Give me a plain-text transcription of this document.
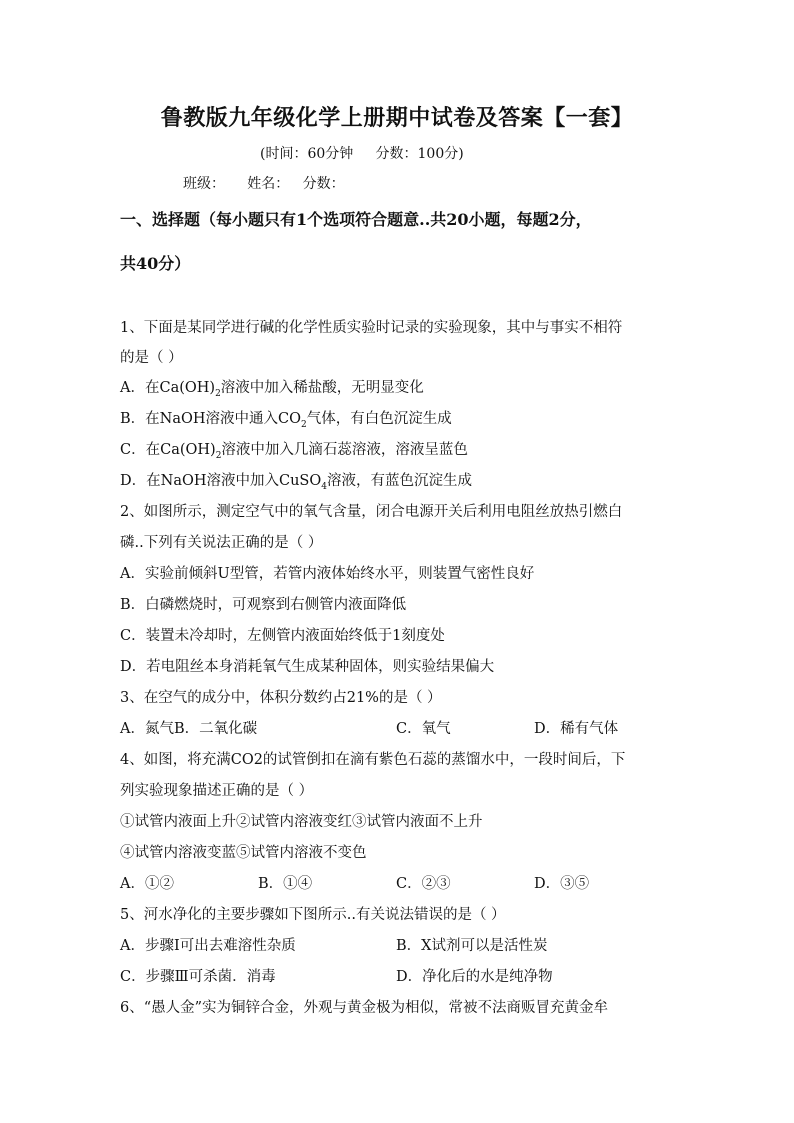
鲁教版九年级化学上册期中试卷及答案【一套】
(时间：60分钟     分数：100分)
班级：     姓名：   分数：
一、选择题（每小题只有1个选项符合题意..共20小题，每题2分，
共40分）
1、下面是某同学进行碱的化学性质实验时记录的实验现象，其中与事实不相符
的是（ ）
A．在$Ca(OH)_2$溶液中加入稀盐酸，无明显变化
B．在NaOH溶液中通入$CO_2$气体，有白色沉淀生成
C．在$Ca(OH)_2$溶液中加入几滴石蕊溶液，溶液呈蓝色
D．在NaOH溶液中加入CuSO$_4$溶液，有蓝色沉淀生成
2、如图所示，测定空气中的氧气含量，闭合电源开关后利用电阻丝放热引燃白
磷..下列有关说法正确的是（ ）
A．实验前倾斜U型管，若管内液体始终水平，则装置气密性良好
B．白磷燃烧时，可观察到右侧管内液面降低
C．装置未冷却时，左侧管内液面始终低于1刻度处
D．若电阻丝本身消耗氧气生成某种固体，则实验结果偏大
3、在空气的成分中，体积分数约占21%的是（ ）
A．氮气B．二氧化碳	C．氧气	D．稀有气体
4、如图，将充满CO2的试管倒扣在滴有紫色石蕊的蒸馏水中，一段时间后，下
列实验现象描述正确的是（ ）
①试管内液面上升②试管内溶液变红③试管内液面不上升
④试管内溶液变蓝⑤试管内溶液不变色
A．①②	B．①④	C．②③	D．③⑤
5、河水净化的主要步骤如下图所示..有关说法错误的是（ ）
A．步骤Ⅰ可出去难溶性杂质	B．X试剂可以是活性炭
C．步骤Ⅲ可杀菌．消毒	D．净化后的水是纯净物
6、“愚人金”实为铜锌合金，外观与黄金极为相似，常被不法商贩冒充黄金牟
